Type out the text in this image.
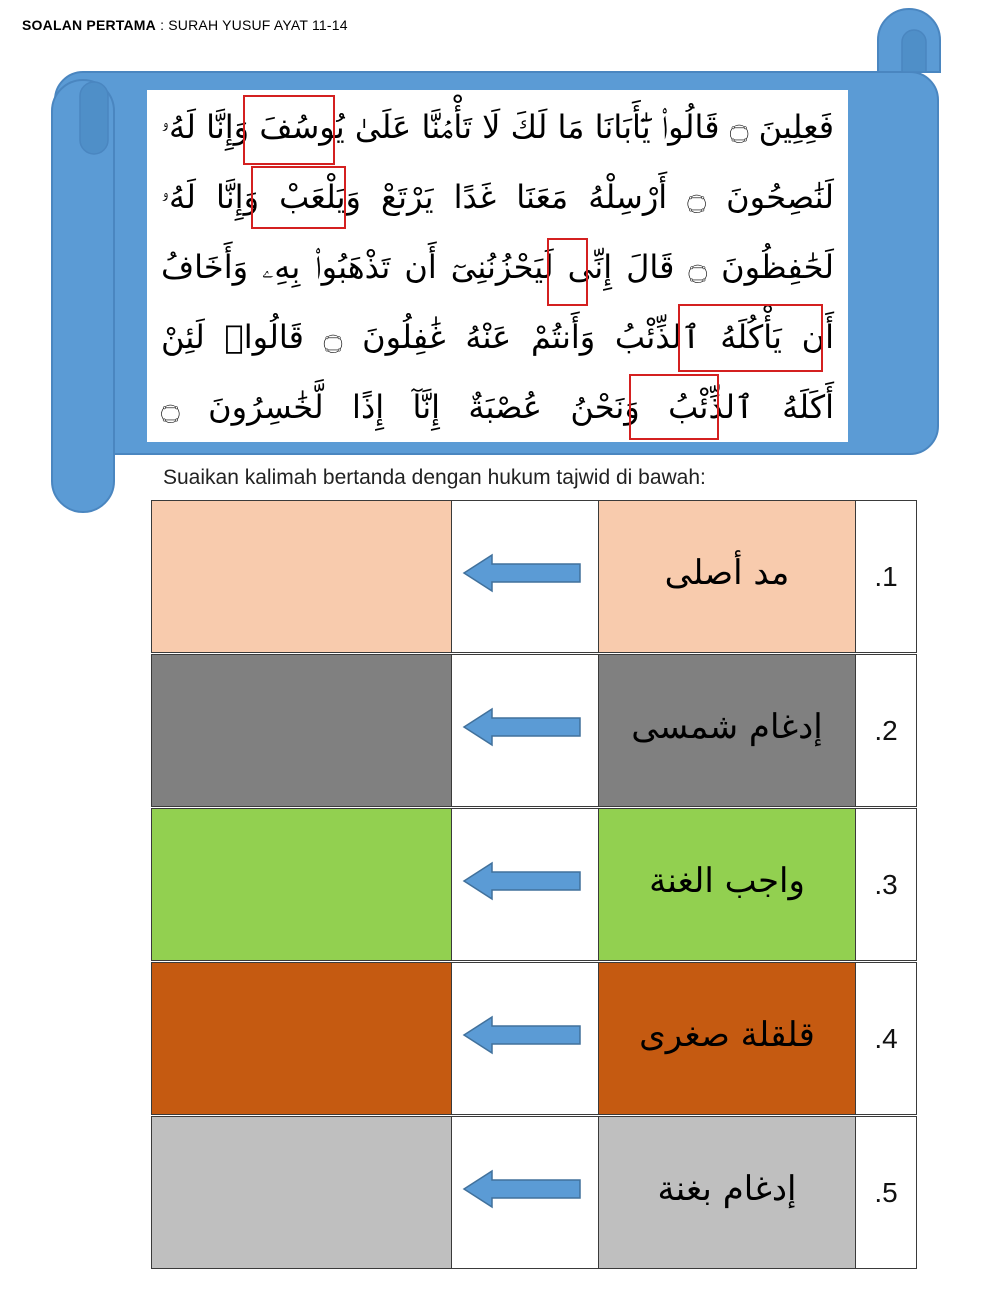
SOALAN PERTAMA : SURAH YUSUF AYAT 11-14
فَعِلِينَ ۝ قَالُوا۟ يَٰٓأَبَانَا مَا لَكَ لَا تَأْمَ۬نَّا عَلَىٰ يُوسُفَ وَإِنَّا لَهُۥ
لَنَٰصِحُونَ ۝ أَرْسِلْهُ مَعَنَا غَدًا يَرْتَعْ وَيَلْعَبْ وَإِنَّا لَهُۥ
لَحَٰفِظُونَ ۝ قَالَ إِنِّى لَيَحْزُنُنِىٓ أَن تَذْهَبُوا۟ بِهِۦ وَأَخَافُ
أَن يَأْكُلَهُ ٱلذِّئْبُ وَأَنتُمْ عَنْهُ غَٰفِلُونَ ۝ قَالُوا۟ لَئِنْ
أَكَلَهُ ٱلذِّئْبُ وَنَحْنُ عُصْبَةٌ إِنَّآ إِذًا لَّخَٰسِرُونَ ۝
Suaikan kalimah bertanda dengan hukum tajwid di bawah:
مد أصلى	.1
إدغام شمسى	.2
واجب الغنة	.3
قلقلة صغرى	.4
إدغام بغنة	.5
